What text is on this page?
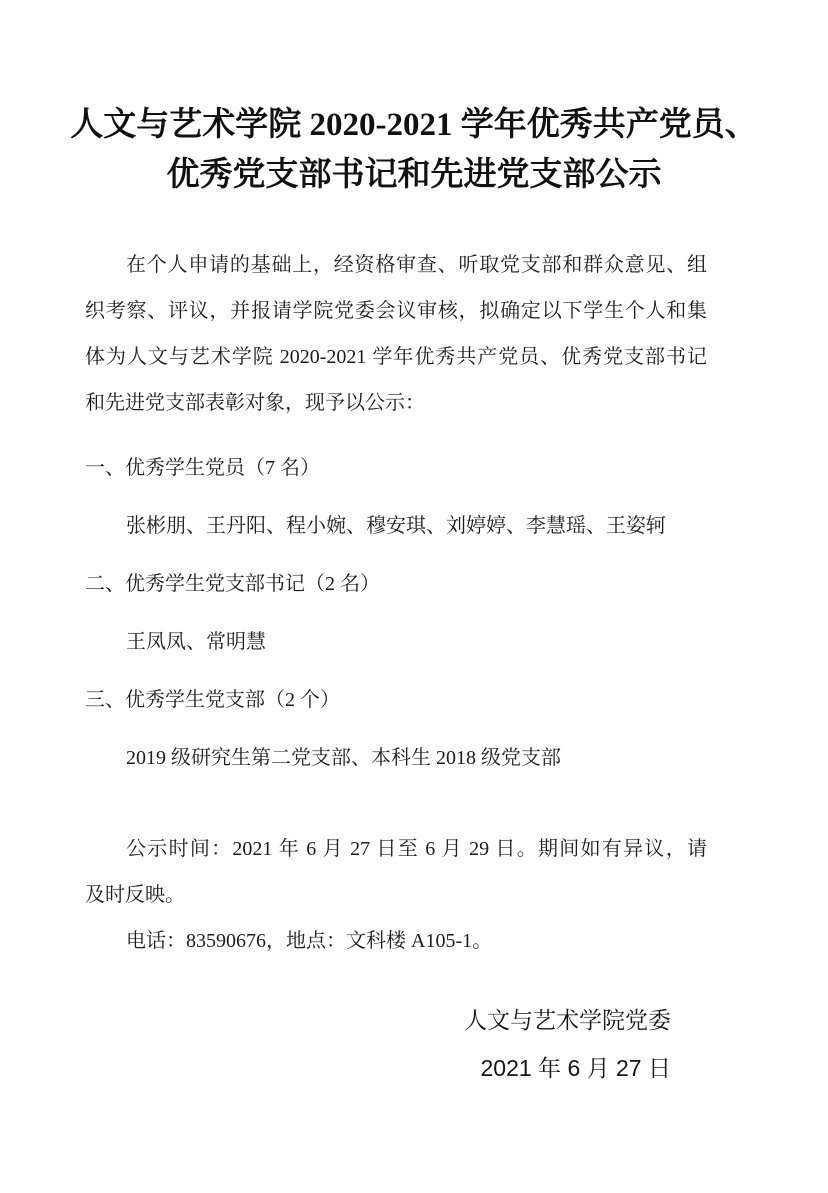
人文与艺术学院 2020-2021 学年优秀共产党员、
优秀党支部书记和先进党支部公示
在个人申请的基础上，经资格审查、听取党支部和群众意见、组
织考察、评议，并报请学院党委会议审核，拟确定以下学生个人和集
体为人文与艺术学院 2020-2021 学年优秀共产党员、优秀党支部书记
和先进党支部表彰对象，现予以公示：
一、优秀学生党员（7 名）
张彬朋、王丹阳、程小婉、穆安琪、刘婷婷、李慧瑶、王姿轲
二、优秀学生党支部书记（2 名）
王凤凤、常明慧
三、优秀学生党支部（2 个）
2019 级研究生第二党支部、本科生 2018 级党支部
公示时间：2021 年 6 月 27 日至 6 月 29 日。期间如有异议，请
及时反映。
电话：83590676，地点：文科楼 A105-1。
人文与艺术学院党委
2021 年 6 月 27 日
